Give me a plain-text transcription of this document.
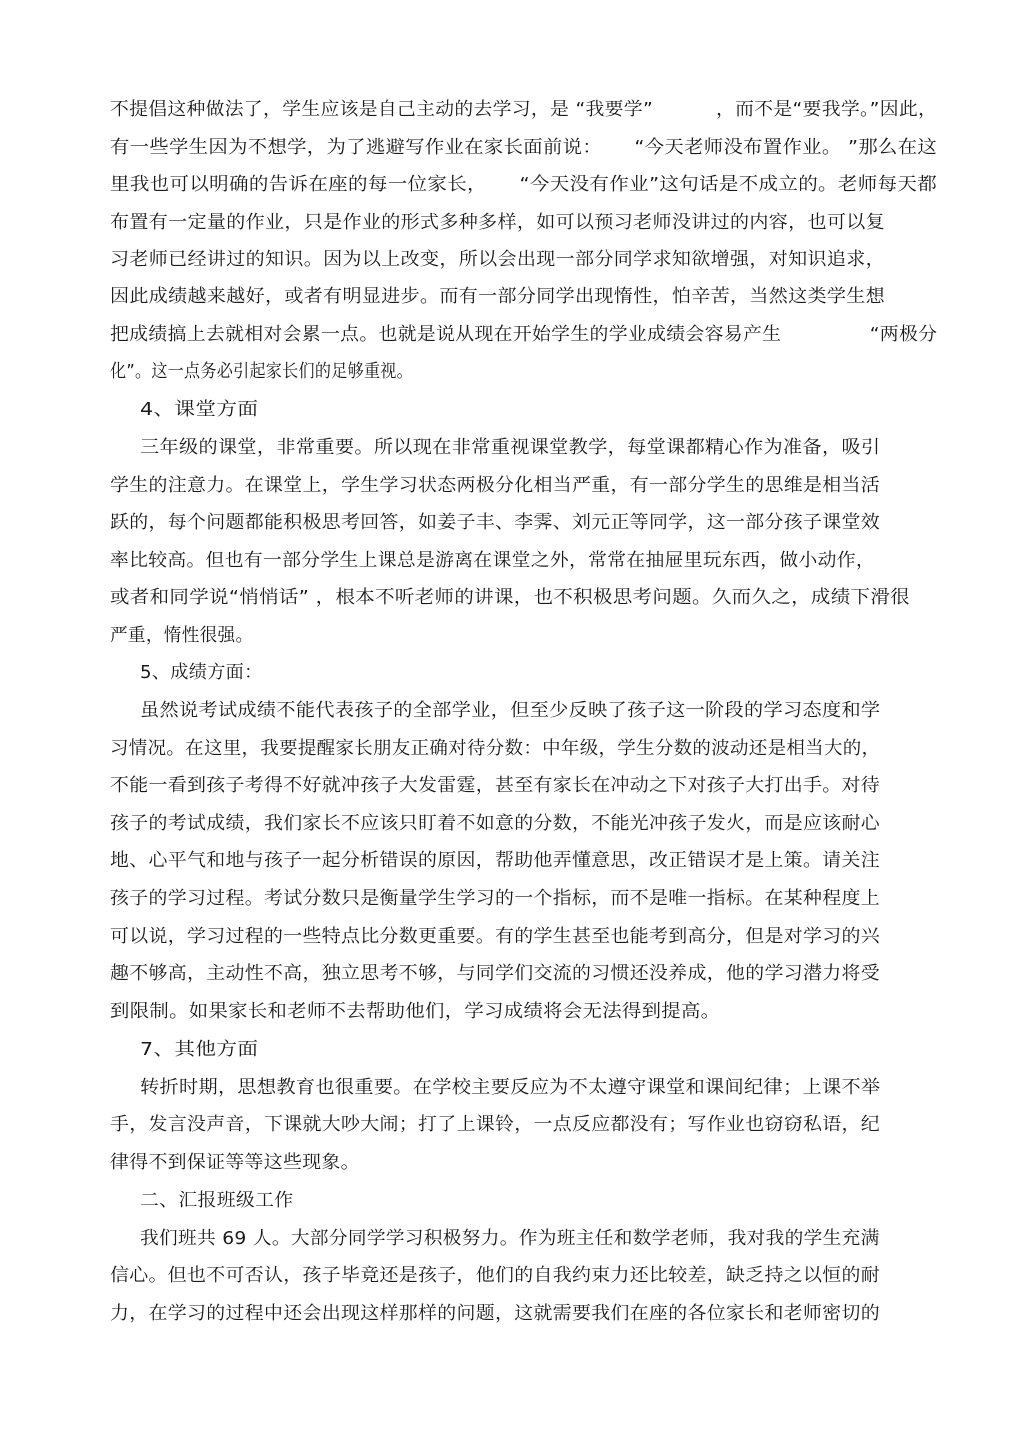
不提倡这种做法了，学生应该是自己主动的去学习，是 “我要学”          ，而不是“要我学。”因此，
有一些学生因为不想学，为了逃避写作业在家长面前说：     “今天老师没布置作业。 ”那么在这
里我也可以明确的告诉在座的每一位家长，     “今天没有作业”这句话是不成立的。老师每天都
布置有一定量的作业，只是作业的形式多种多样，如可以预习老师没讲过的内容，也可以复
习老师已经讲过的知识。因为以上改变，所以会出现一部分同学求知欲增强，对知识追求，
因此成绩越来越好，或者有明显进步。而有一部分同学出现惰性，怕辛苦，当然这类学生想
把成绩搞上去就相对会累一点。也就是说从现在开始学生的学业成绩会容易产生              “两极分
化”。这一点务必引起家长们的足够重视。
4、课堂方面
三年级的课堂，非常重要。所以现在非常重视课堂教学，每堂课都精心作为准备，吸引
学生的注意力。在课堂上，学生学习状态两极分化相当严重，有一部分学生的思维是相当活
跃的，每个问题都能积极思考回答，如姜子丰、李霁、刘元正等同学，这一部分孩子课堂效
率比较高。但也有一部分学生上课总是游离在课堂之外，常常在抽屉里玩东西，做小动作，
或者和同学说“悄悄话” ，根本不听老师的讲课，也不积极思考问题。久而久之，成绩下滑很
严重，惰性很强。
5、成绩方面：
虽然说考试成绩不能代表孩子的全部学业，但至少反映了孩子这一阶段的学习态度和学
习情况。在这里，我要提醒家长朋友正确对待分数：中年级，学生分数的波动还是相当大的，
不能一看到孩子考得不好就冲孩子大发雷霆，甚至有家长在冲动之下对孩子大打出手。对待
孩子的考试成绩，我们家长不应该只盯着不如意的分数，不能光冲孩子发火，而是应该耐心
地、心平气和地与孩子一起分析错误的原因，帮助他弄懂意思，改正错误才是上策。请关注
孩子的学习过程。考试分数只是衡量学生学习的一个指标，而不是唯一指标。在某种程度上
可以说，学习过程的一些特点比分数更重要。有的学生甚至也能考到高分，但是对学习的兴
趣不够高，主动性不高，独立思考不够，与同学们交流的习惯还没养成，他的学习潜力将受
到限制。如果家长和老师不去帮助他们，学习成绩将会无法得到提高。
7、其他方面
转折时期，思想教育也很重要。在学校主要反应为不太遵守课堂和课间纪律；上课不举
手，发言没声音，下课就大吵大闹；打了上课铃，一点反应都没有；写作业也窃窃私语，纪
律得不到保证等等这些现象。
二、汇报班级工作
我们班共 69 人。大部分同学学习积极努力。作为班主任和数学老师，我对我的学生充满
信心。但也不可否认，孩子毕竟还是孩子，他们的自我约束力还比较差，缺乏持之以恒的耐
力，在学习的过程中还会出现这样那样的问题，这就需要我们在座的各位家长和老师密切的
